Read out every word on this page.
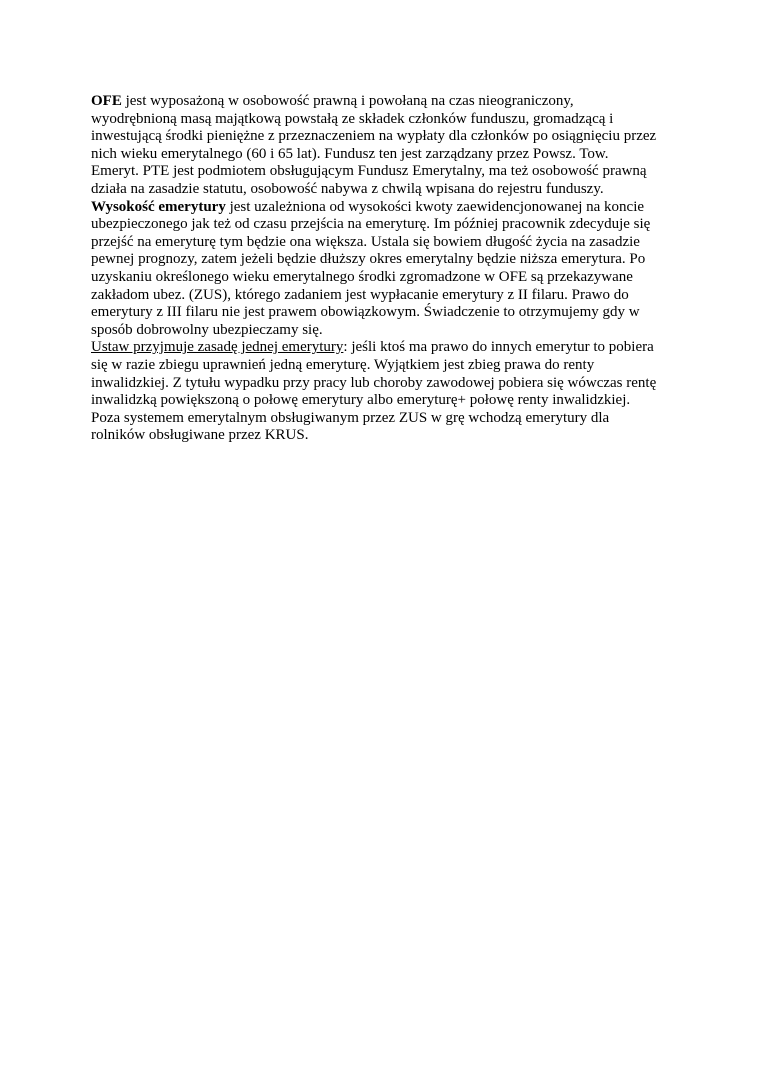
OFE jest wyposażoną w osobowość prawną i powołaną na czas nieograniczony,
wyodrębnioną masą majątkową powstałą ze składek członków funduszu, gromadzącą i
inwestującą środki pieniężne z przeznaczeniem na wypłaty dla członków po osiągnięciu przez
nich wieku emerytalnego (60 i 65 lat). Fundusz ten jest zarządzany przez Powsz. Tow.
Emeryt. PTE jest podmiotem obsługującym Fundusz Emerytalny, ma też osobowość prawną
działa na zasadzie statutu, osobowość nabywa z chwilą wpisana do rejestru funduszy.
Wysokość emerytury jest uzależniona od wysokości kwoty zaewidencjonowanej na koncie
ubezpieczonego jak też od czasu przejścia na emeryturę. Im później pracownik zdecyduje się
przejść na emeryturę tym będzie ona większa. Ustala się bowiem długość życia na zasadzie
pewnej prognozy, zatem jeżeli będzie dłuższy okres emerytalny będzie niższa emerytura. Po
uzyskaniu określonego wieku emerytalnego środki zgromadzone w OFE są przekazywane
zakładom ubez. (ZUS), którego zadaniem jest wypłacanie emerytury z II filaru. Prawo do
emerytury z III filaru nie jest prawem obowiązkowym. Świadczenie to otrzymujemy gdy w
sposób dobrowolny ubezpieczamy się.
Ustaw przyjmuje zasadę jednej emerytury: jeśli ktoś ma prawo do innych emerytur to pobiera
się w razie zbiegu uprawnień jedną emeryturę. Wyjątkiem jest zbieg prawa do renty
inwalidzkiej. Z tytułu wypadku przy pracy lub choroby zawodowej pobiera się wówczas rentę
inwalidzką powiększoną o połowę emerytury albo emeryturę+ połowę renty inwalidzkiej.
Poza systemem emerytalnym obsługiwanym przez ZUS w grę wchodzą emerytury dla
rolników obsługiwane przez KRUS.
